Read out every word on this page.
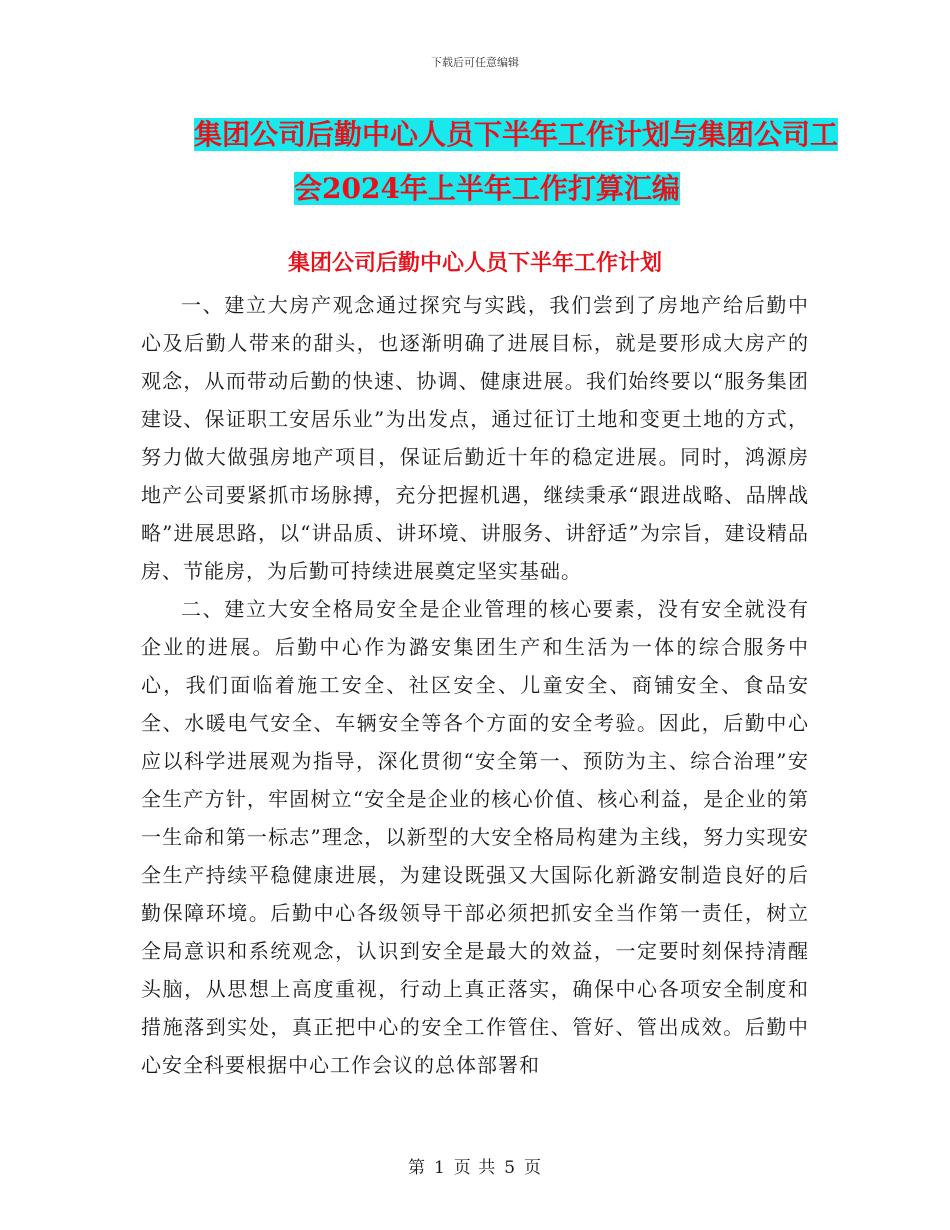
下载后可任意编辑
集团公司后勤中心人员下半年工作计划与集团公司工
会2024年上半年工作打算汇编
集团公司后勤中心人员下半年工作计划

一、建立大房产观念通过探究与实践，我们尝到了房地产给后勤中心及后勤人带来的甜头，也逐渐明确了进展目标，就是要形成大房产的观念，从而带动后勤的快速、协调、健康进展。我们始终要以“服务集团建设、保证职工安居乐业”为出发点，通过征订土地和变更土地的方式，努力做大做强房地产项目，保证后勤近十年的稳定进展。同时，鸿源房地产公司要紧抓市场脉搏，充分把握机遇，继续秉承“跟进战略、品牌战略”进展思路，以“讲品质、讲环境、讲服务、讲舒适”为宗旨，建设精品房、节能房，为后勤可持续进展奠定坚实基础。

二、建立大安全格局安全是企业管理的核心要素，没有安全就没有企业的进展。后勤中心作为潞安集团生产和生活为一体的综合服务中心，我们面临着施工安全、社区安全、儿童安全、商铺安全、食品安全、水暖电气安全、车辆安全等各个方面的安全考验。因此，后勤中心应以科学进展观为指导，深化贯彻“安全第一、预防为主、综合治理”安全生产方针，牢固树立“安全是企业的核心价值、核心利益，是企业的第一生命和第一标志”理念，以新型的大安全格局构建为主线，努力实现安全生产持续平稳健康进展，为建设既强又大国际化新潞安制造良好的后勤保障环境。后勤中心各级领导干部必须把抓安全当作第一责任，树立全局意识和系统观念，认识到安全是最大的效益，一定要时刻保持清醒头脑，从思想上高度重视，行动上真正落实，确保中心各项安全制度和措施落到实处，真正把中心的安全工作管住、管好、管出成效。后勤中心安全科要根据中心工作会议的总体部署和

第 1 页 共 5 页
